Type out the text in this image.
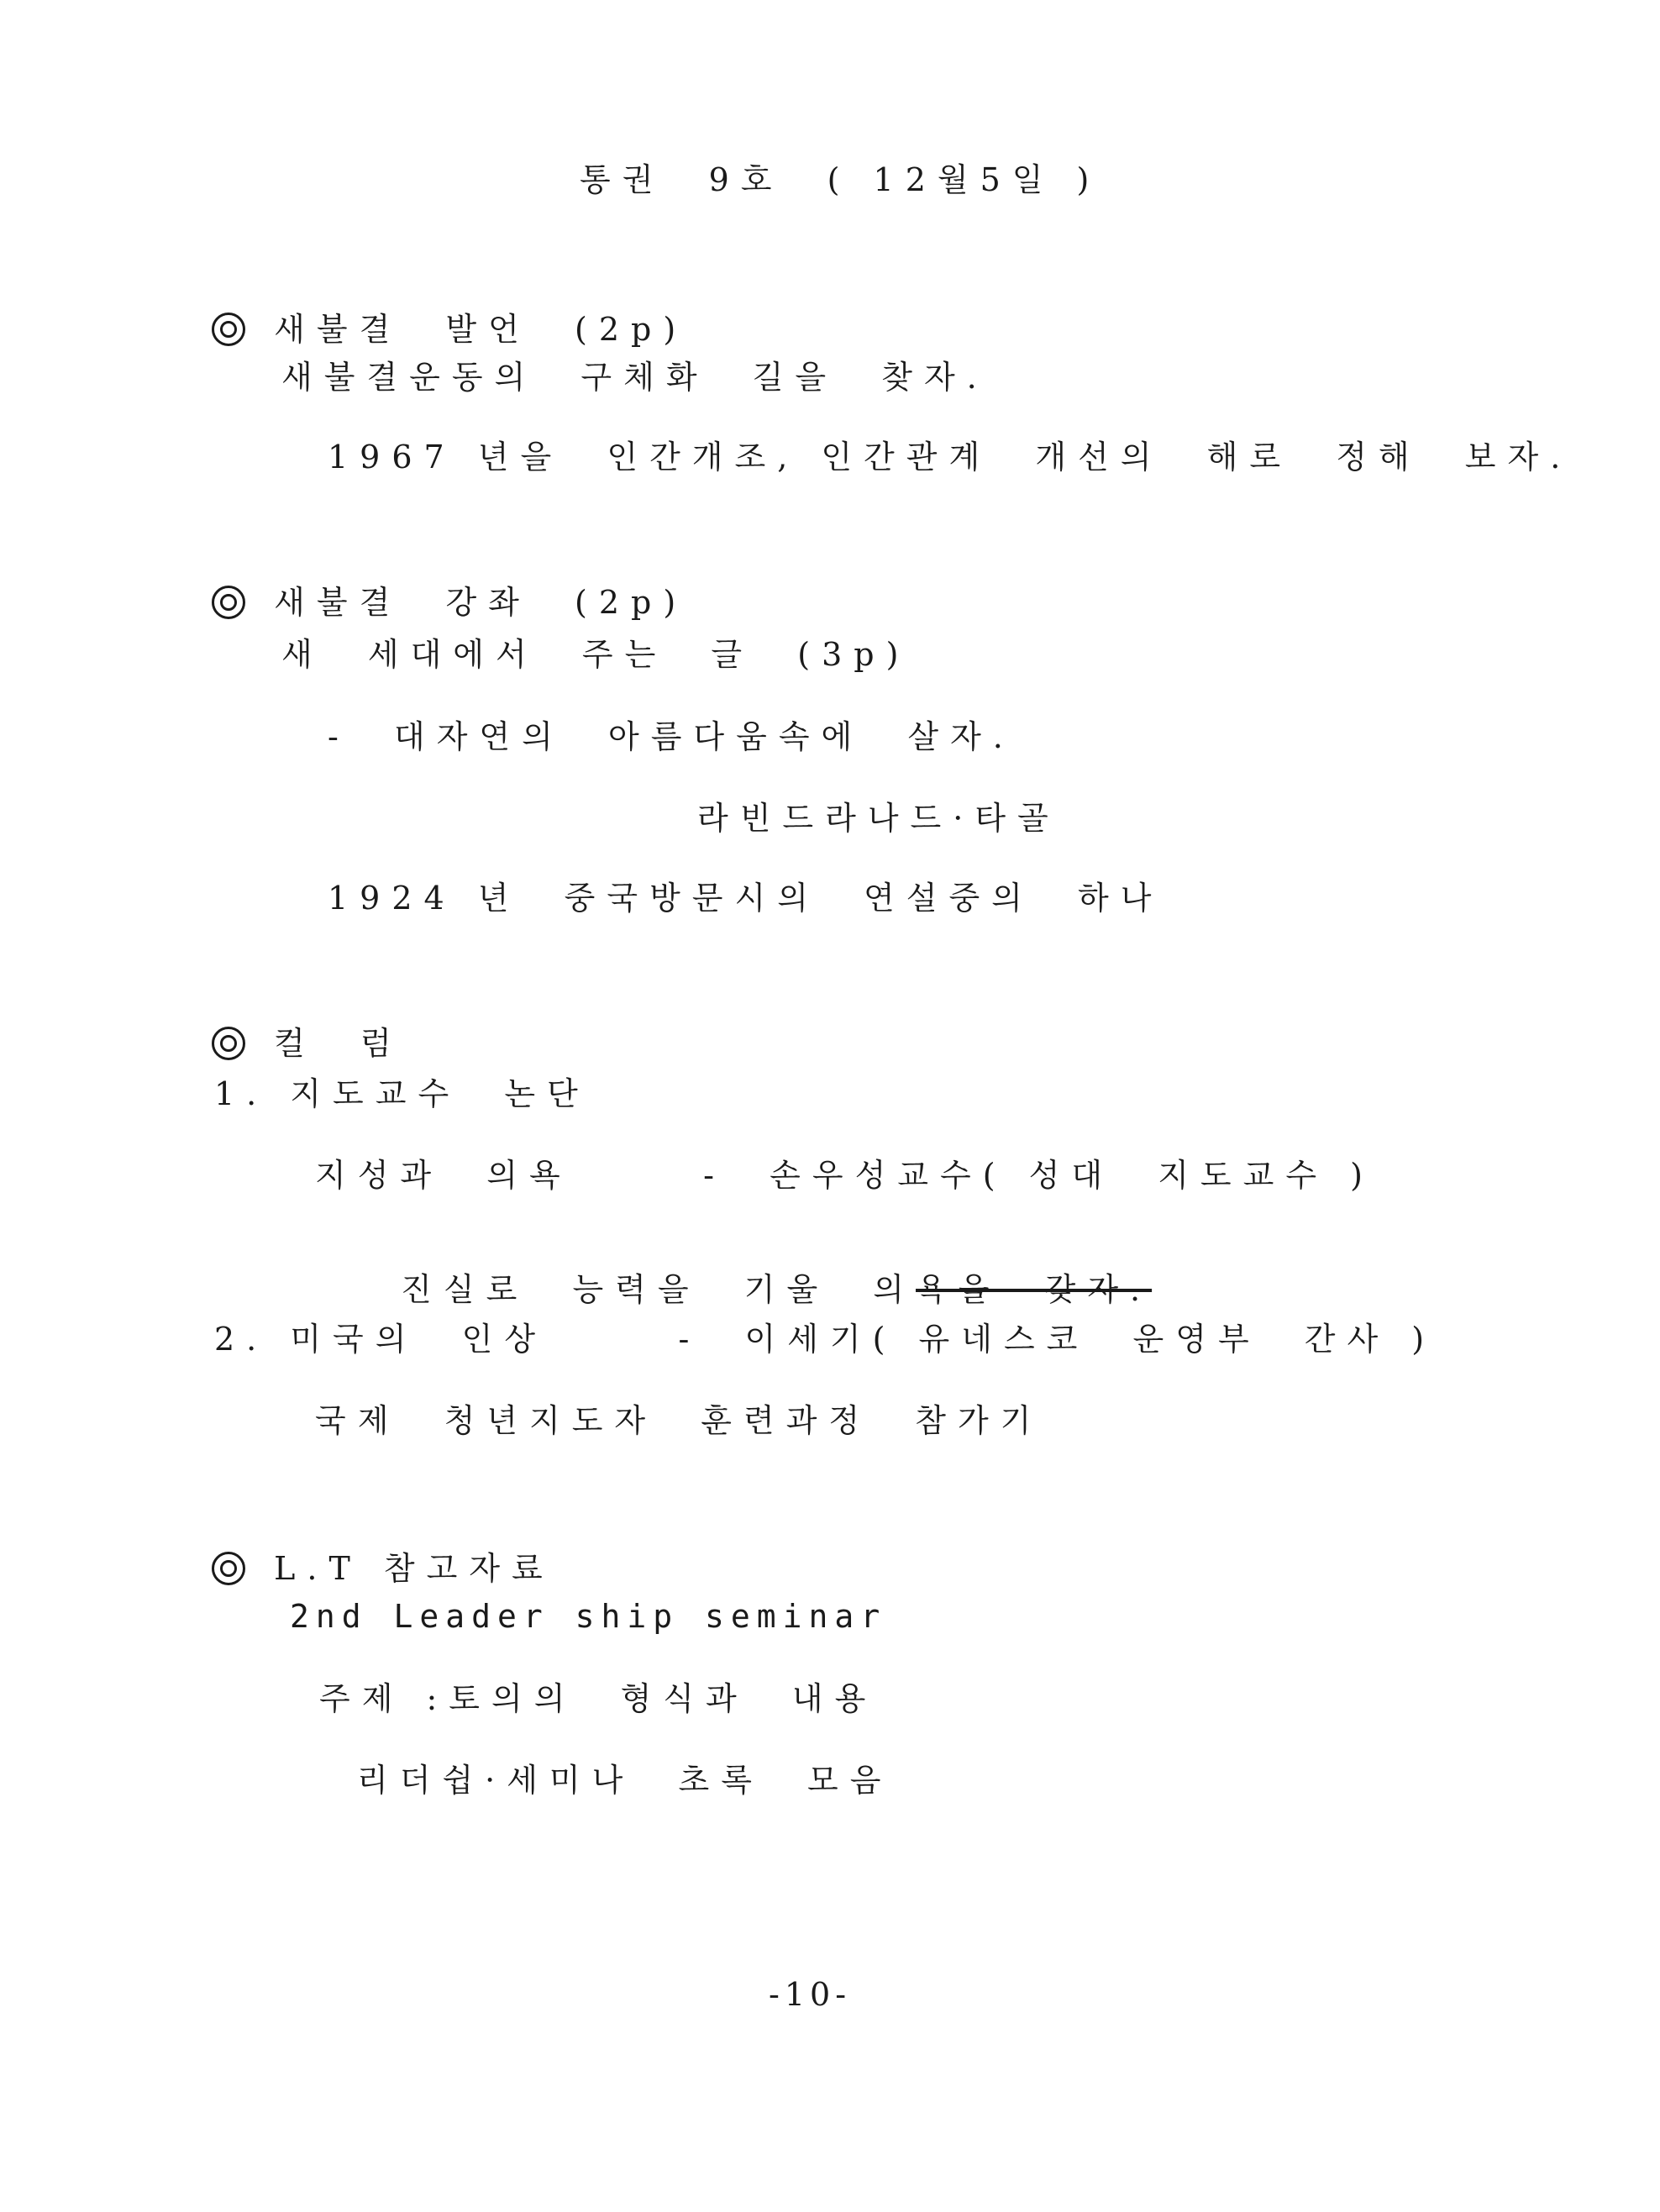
통권  9호  ( 12월5일 )

새불결  발언  (2p)

새불결운동의  구체화  길을  찾자.
1967 년을  인간개조, 인간관계  개선의  해로  정해  보자.

새불결  강좌  (2p)

새  세대에서  주는  글  (3p)
-  대자연의  아름다움속에  살자.
라빈드라나드·타골
1924 년  중국방문시의  연설중의  하나

컬  럼

1. 지도교수  논단
지성과  의욕      -  손우성교수( 성대  지도교수 )

진실로  능력을  기울  의욕을  갖자.

2. 미국의  인상      -  이세기( 유네스코  운영부  간사 )
국제  청년지도자  훈련과정  참가기

L.T 참고자료

2nd Leader ship seminar
주제 :토의의  형식과  내용
리더쉽·세미나  초록  모음
-10-
